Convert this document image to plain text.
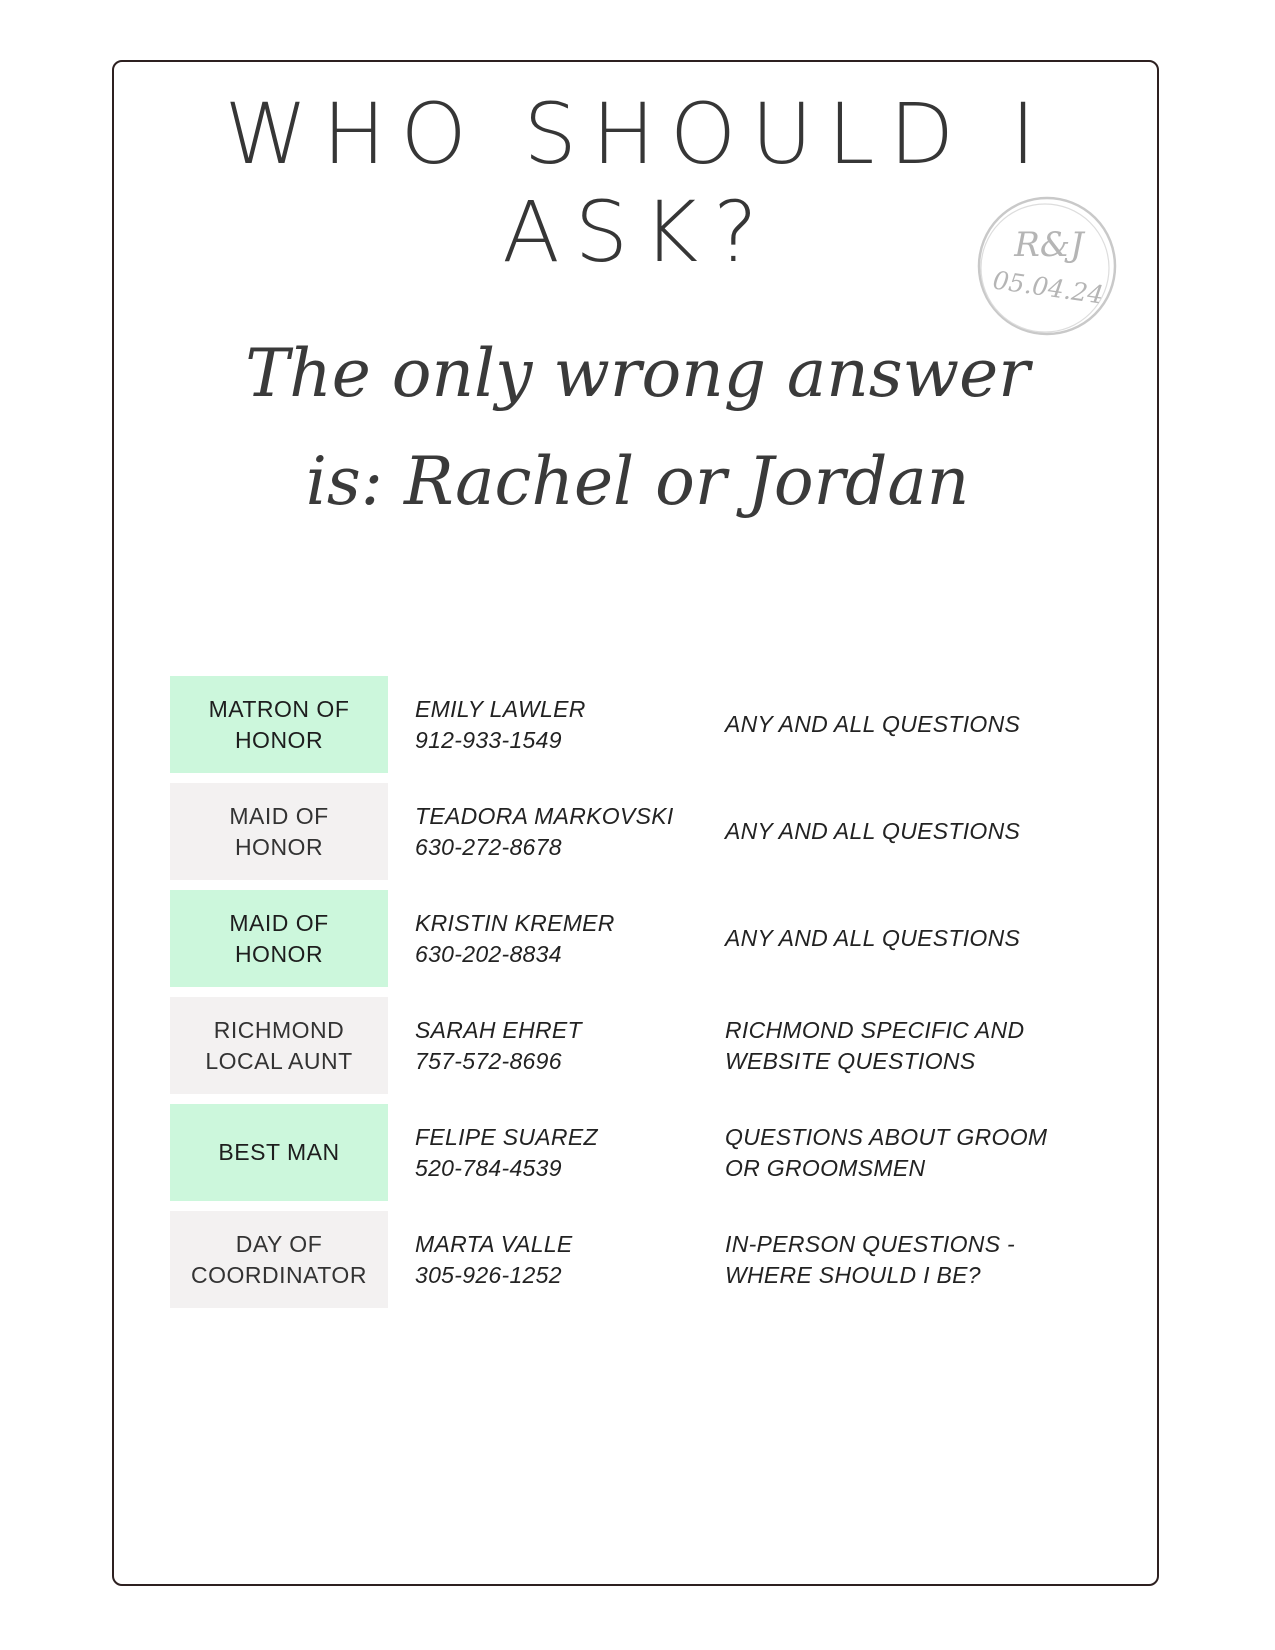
WHO SHOULD I ASK?	R&J
05.04.24
The only wrong answer
is: Rachel or Jordan
MATRON OF
HONOR
EMILY LAWLER
912-933-1549
ANY AND ALL QUESTIONS
MAID OF
HONOR
TEADORA MARKOVSKI
630-272-8678
ANY AND ALL QUESTIONS
MAID OF
HONOR
KRISTIN KREMER
630-202-8834
ANY AND ALL QUESTIONS
RICHMOND
LOCAL AUNT
SARAH EHRET
757-572-8696
RICHMOND SPECIFIC AND
WEBSITE QUESTIONS
BEST MAN
FELIPE SUAREZ
520-784-4539
QUESTIONS ABOUT GROOM
OR GROOMSMEN
DAY OF
COORDINATOR
MARTA VALLE
305-926-1252
IN-PERSON QUESTIONS -
WHERE SHOULD I BE?
